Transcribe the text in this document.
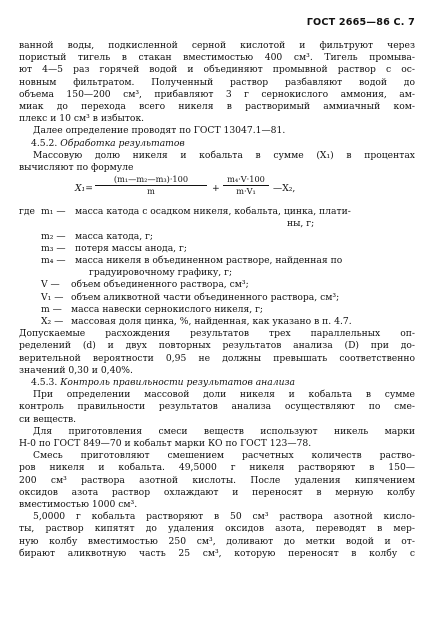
ГОСТ 2665—86 С. 7
ванной воды, подкисленной серной кислотой и фильтруют через
пористый тигель в стакан вместимостью 400 см³. Тигель промыва-
ют 4—5 раз горячей водой и объединяют промывной раствор с ос-
новным фильтратом. Полученный раствор разбавляют водой до
объема 150—200 см³, прибавляют 3 г сернокислого аммония, ам-
миак до перехода всего никеля в растворимый аммиачный ком-
плекс и 10 см³ в избыток.
Далее определение проводят по ГОСТ 13047.1—81.
4.5.2. Обработка результатов
Массовую долю никеля и кобальта в сумме (X₁) в процентах
вычисляют по формуле
$X_1= \frac{\text{(m₁—m₂—m₃)·100}}{m} + \frac{\text{m₄·V·100}}{\text{m·V₁}}$ —X₂,
где m₁ — масса катода с осадком никеля, кобальта, цинка, плати-
ны, г;
m₂ — масса катода, г;
m₃ — потеря массы анода, г;
m₄ — масса никеля в объединенном растворе, найденная по
градуировочному графику, г;
V — объем объединенного раствора, см³;
V₁ — объем аликвотной части объединенного раствора, см³;
m — масса навески сернокислого никеля, г;
X₂ — массовая доля цинка, %, найденная, как указано в п. 4.7.
Допускаемые расхождения результатов трех параллельных оп-
ределений (d) и двух повторных результатов анализа (D) при до-
верительной вероятности 0,95 не должны превышать соответственно
значений 0,30 и 0,40%.
4.5.3. Контроль правильности результатов анализа
При определении массовой доли никеля и кобальта в сумме
контроль правильности результатов анализа осуществляют по сме-
си веществ.
Для приготовления смеси веществ используют никель марки
Н-0 по ГОСТ 849—70 и кобальт марки КО по ГОСТ 123—78.
Смесь приготовляют смешением расчетных количеств раство-
ров никеля и кобальта. 49,5000 г никеля растворяют в 150—
200 см³ раствора азотной кислоты. После удаления кипячением
оксидов азота раствор охлаждают и переносят в мерную колбу
вместимостью 1000 см³.
5,0000 г кобальта растворяют в 50 см³ раствора азотной кисло-
ты, раствор кипятят до удаления оксидов азота, переводят в мер-
ную колбу вместимостью 250 см³, доливают до метки водой и от-
бирают аликвотную часть 25 см³, которую переносят в колбу с
